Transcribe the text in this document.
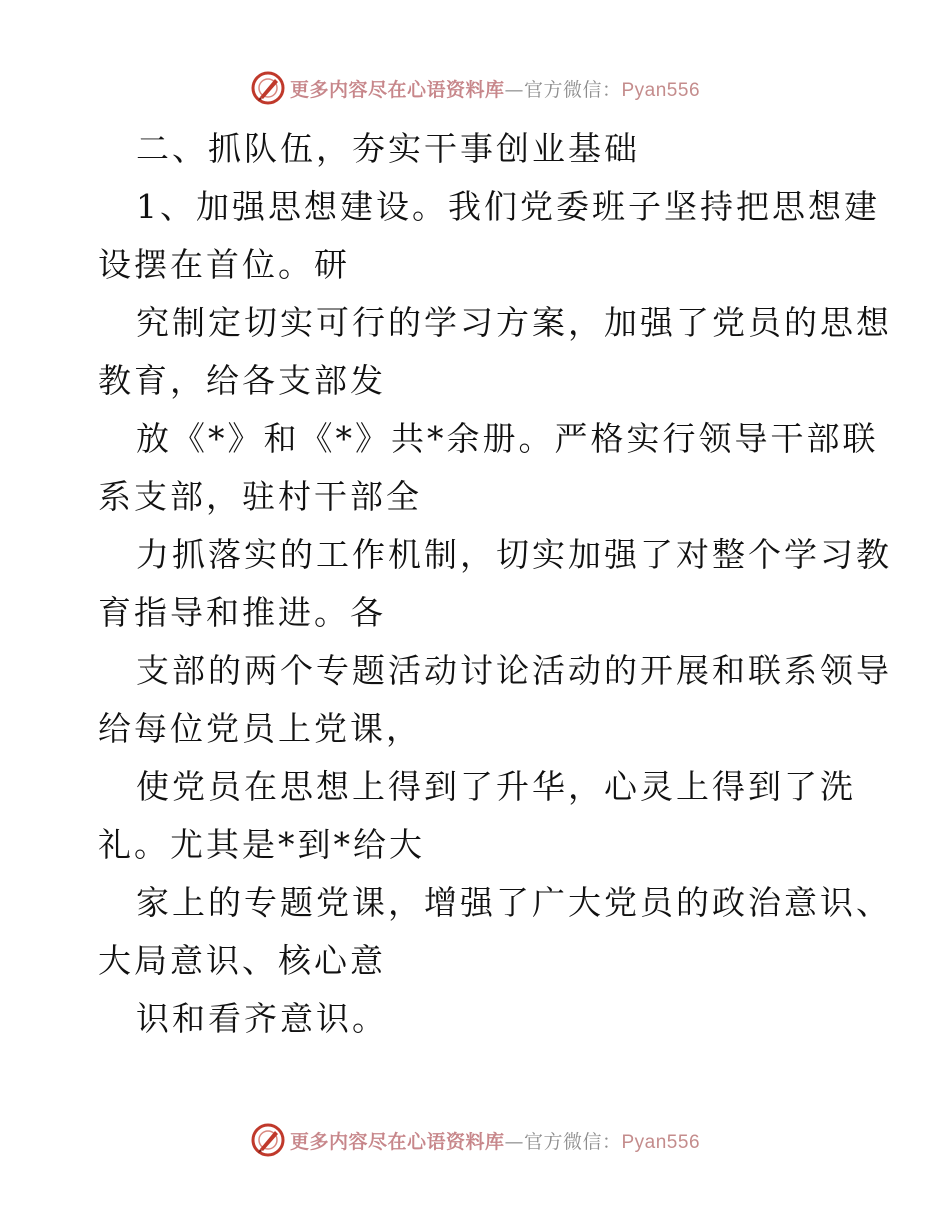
更多内容尽在心语资料库—官方微信：Pyan556
二、抓队伍，夯实干事创业基础
1、加强思想建设。我们党委班子坚持把思想建
设摆在首位。研
究制定切实可行的学习方案，加强了党员的思想
教育，给各支部发
放《*》和《*》共*余册。严格实行领导干部联
系支部，驻村干部全
力抓落实的工作机制，切实加强了对整个学习教
育指导和推进。各
支部的两个专题活动讨论活动的开展和联系领导
给每位党员上党课，
使党员在思想上得到了升华，心灵上得到了洗
礼。尤其是*到*给大
家上的专题党课，增强了广大党员的政治意识、
大局意识、核心意
识和看齐意识。
更多内容尽在心语资料库—官方微信：Pyan556
